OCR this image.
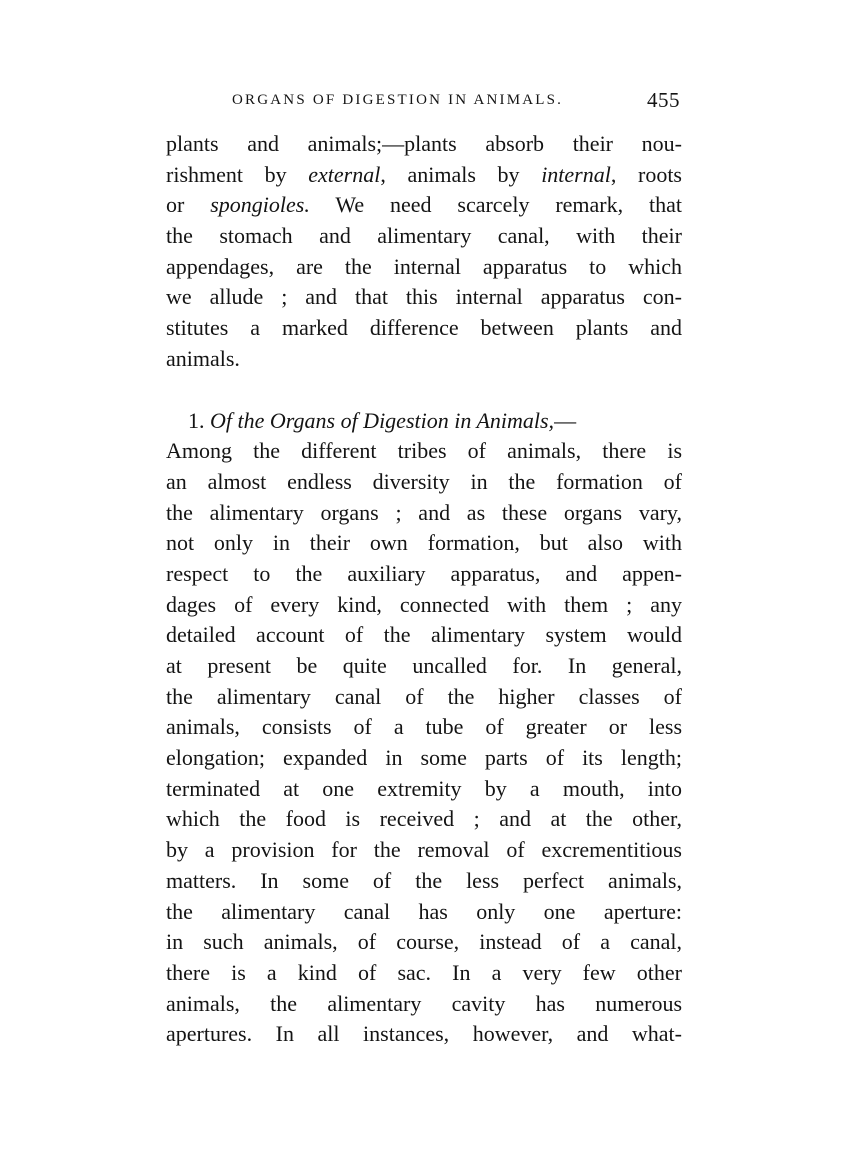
ORGANS OF DIGESTION IN ANIMALS.	455
plants and animals;—plants absorb their nou-
rishment by external, animals by internal, roots
or spongioles. We need scarcely remark, that
the stomach and alimentary canal, with their
appendages, are the internal apparatus to which
we allude ; and that this internal apparatus con-
stitutes a marked difference between plants and
animals.
1. Of the Organs of Digestion in Animals,—
Among the different tribes of animals, there is
an almost endless diversity in the formation of
the alimentary organs ; and as these organs vary,
not only in their own formation, but also with
respect to the auxiliary apparatus, and appen-
dages of every kind, connected with them ; any
detailed account of the alimentary system would
at present be quite uncalled for. In general,
the alimentary canal of the higher classes of
animals, consists of a tube of greater or less
elongation; expanded in some parts of its length;
terminated at one extremity by a mouth, into
which the food is received ; and at the other,
by a provision for the removal of excrementitious
matters. In some of the less perfect animals,
the alimentary canal has only one aperture:
in such animals, of course, instead of a canal,
there is a kind of sac. In a very few other
animals, the alimentary cavity has numerous
apertures. In all instances, however, and what-
